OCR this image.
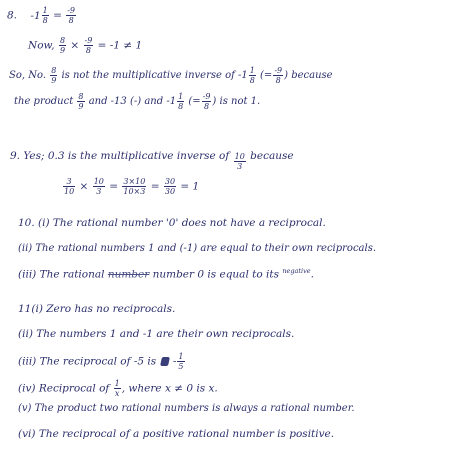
8. $-1 \frac{1}{8} = \frac{-9}{8}$
Now, $\frac{8}{9} \times \frac{-9}{8} = -1 \ne 1$
So, No. $\frac{8}{9}$ is not the multiplicative inverse of $-1 \frac{1}{8}$ (= $\frac{-9}{8}$ ) because
the product $\frac{8}{9}$ and -13 (-) and $-1 \frac{1}{8}$ (= $\frac{-9}{8}$ ) is not 1.
9. Yes; 0.3 is the multiplicative inverse of $\frac{10}{3}$ because
$\frac{3}{10} \times \frac{10}{3} = \frac{3\times 10}{10\times 3} = \frac{30}{30} = 1$
10. (i) The rational number '0' does not have a reciprocal.
(ii) The rational numbers 1 and (-1) are equal to their own reciprocals.
(iii) The rational number number 0 is equal to its $^{negative}$.
11(i) Zero has no reciprocals.
(ii) The numbers 1 and -1 are their own reciprocals.
(iii) The reciprocal of -5 is - $\frac{1}{5}$
(iv) Reciprocal of $\frac{1}{x}$ , where x ≠ 0 is x.
(v) The product two rational numbers is always a rational number.
(vi) The reciprocal of a positive rational number is positive.
